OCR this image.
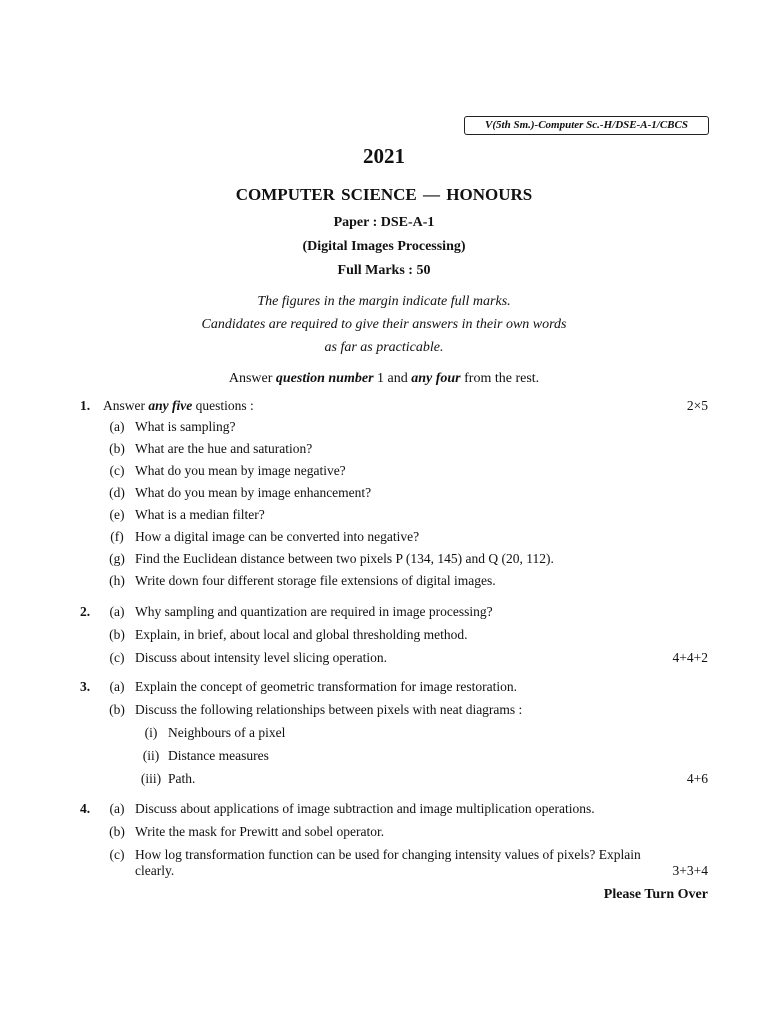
V(5th Sm.)-Computer Sc.-H/DSE-A-1/CBCS
2021
COMPUTER SCIENCE — HONOURS
Paper : DSE-A-1
(Digital Images Processing)
Full Marks : 50
The figures in the margin indicate full marks.
Candidates are required to give their answers in their own words
as far as practicable.
Answer question number 1 and any four from the rest.
1. Answer any five questions :	2×5
(a) What is sampling?
(b) What are the hue and saturation?
(c) What do you mean by image negative?
(d) What do you mean by image enhancement?
(e) What is a median filter?
(f) How a digital image can be converted into negative?
(g) Find the Euclidean distance between two pixels P (134, 145) and Q (20, 112).
(h) Write down four different storage file extensions of digital images.
2.	(a) Why sampling and quantization are required in image processing?
(b) Explain, in brief, about local and global thresholding method.
(c) Discuss about intensity level slicing operation.	4+4+2
3.	(a) Explain the concept of geometric transformation for image restoration.
(b) Discuss the following relationships between pixels with neat diagrams :
(i) Neighbours of a pixel
(ii) Distance measures
(iii) Path.	4+6
4.	(a) Discuss about applications of image subtraction and image multiplication operations.
(b) Write the mask for Prewitt and sobel operator.
(c) How log transformation function can be used for changing intensity values of pixels? Explain
clearly.	3+3+4
Please Turn Over
